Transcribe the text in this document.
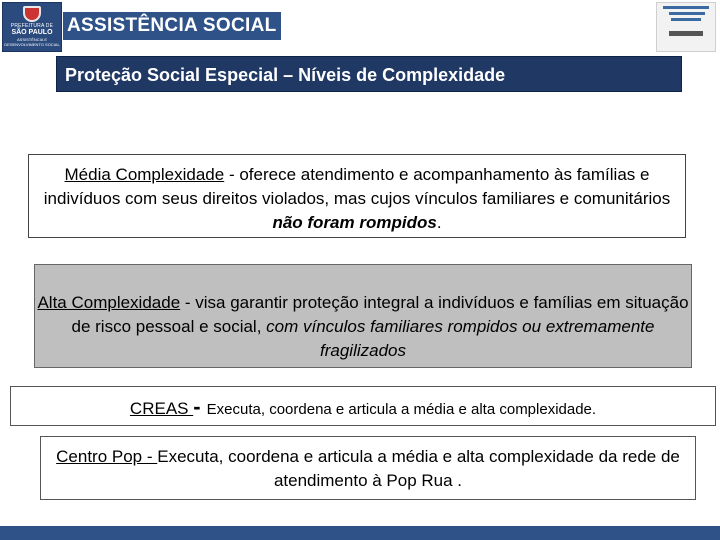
PREFEITURA DE
SÃO PAULO
ASSISTÊNCIA E DESENVOLVIMENTO SOCIAL
ASSISTÊNCIA SOCIAL
Proteção Social Especial – Níveis de Complexidade
Média Complexidade - oferece atendimento e acompanhamento às famílias e indivíduos com seus direitos violados, mas cujos vínculos familiares e comunitários não foram rompidos.
Alta Complexidade - visa garantir proteção integral a indivíduos e famílias em situação de risco pessoal e social, com vínculos familiares rompidos ou extremamente fragilizados
CREAS - Executa, coordena e articula a média e alta complexidade.
Centro Pop - Executa, coordena e articula a média e alta complexidade da rede de atendimento à Pop Rua .
